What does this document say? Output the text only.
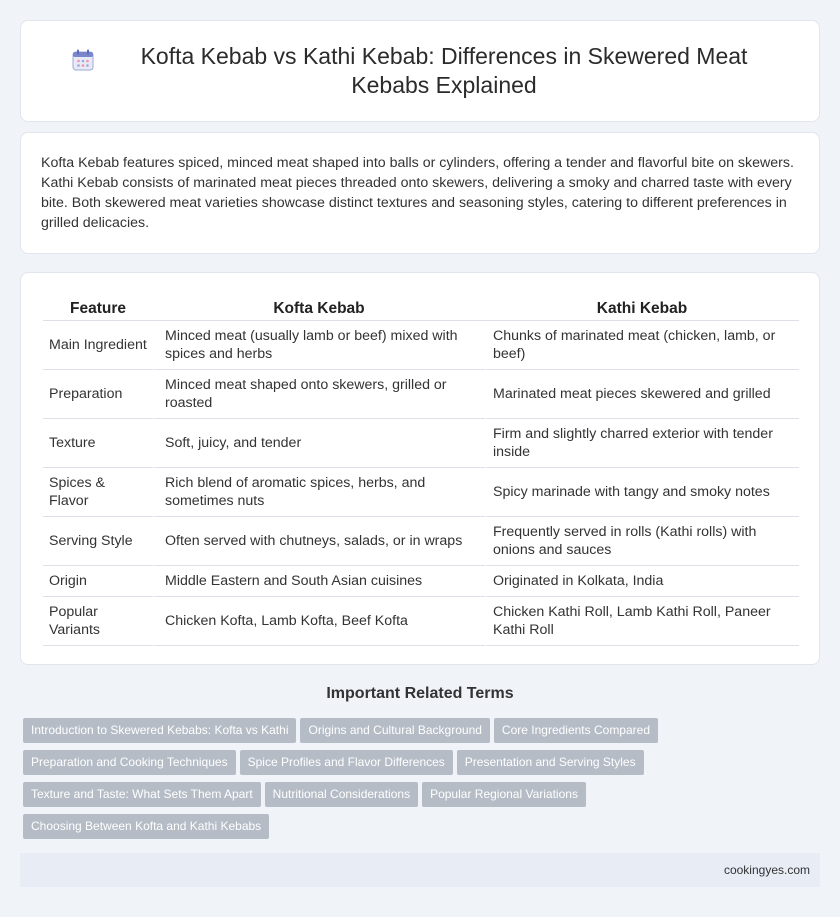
Kofta Kebab vs Kathi Kebab: Differences in Skewered Meat Kebabs Explained

Kofta Kebab features spiced, minced meat shaped into balls or cylinders, offering a tender and flavorful bite on skewers. Kathi Kebab consists of marinated meat pieces threaded onto skewers, delivering a smoky and charred taste with every bite. Both skewered meat varieties showcase distinct textures and seasoning styles, catering to different preferences in grilled delicacies.

Feature	Kofta Kebab	Kathi Kebab
Main Ingredient	Minced meat (usually lamb or beef) mixed with spices and herbs	Chunks of marinated meat (chicken, lamb, or beef)
Preparation	Minced meat shaped onto skewers, grilled or roasted	Marinated meat pieces skewered and grilled
Texture	Soft, juicy, and tender	Firm and slightly charred exterior with tender inside
Spices & Flavor	Rich blend of aromatic spices, herbs, and sometimes nuts	Spicy marinade with tangy and smoky notes
Serving Style	Often served with chutneys, salads, or in wraps	Frequently served in rolls (Kathi rolls) with onions and sauces
Origin	Middle Eastern and South Asian cuisines	Originated in Kolkata, India
Popular Variants	Chicken Kofta, Lamb Kofta, Beef Kofta	Chicken Kathi Roll, Lamb Kathi Roll, Paneer Kathi Roll
Important Related Terms
Introduction to Skewered Kebabs: Kofta vs Kathi Origins and Cultural Background Core Ingredients Compared
Preparation and Cooking Techniques Spice Profiles and Flavor Differences Presentation and Serving Styles
Texture and Taste: What Sets Them Apart Nutritional Considerations Popular Regional Variations
Choosing Between Kofta and Kathi Kebabs
cookingyes.com
